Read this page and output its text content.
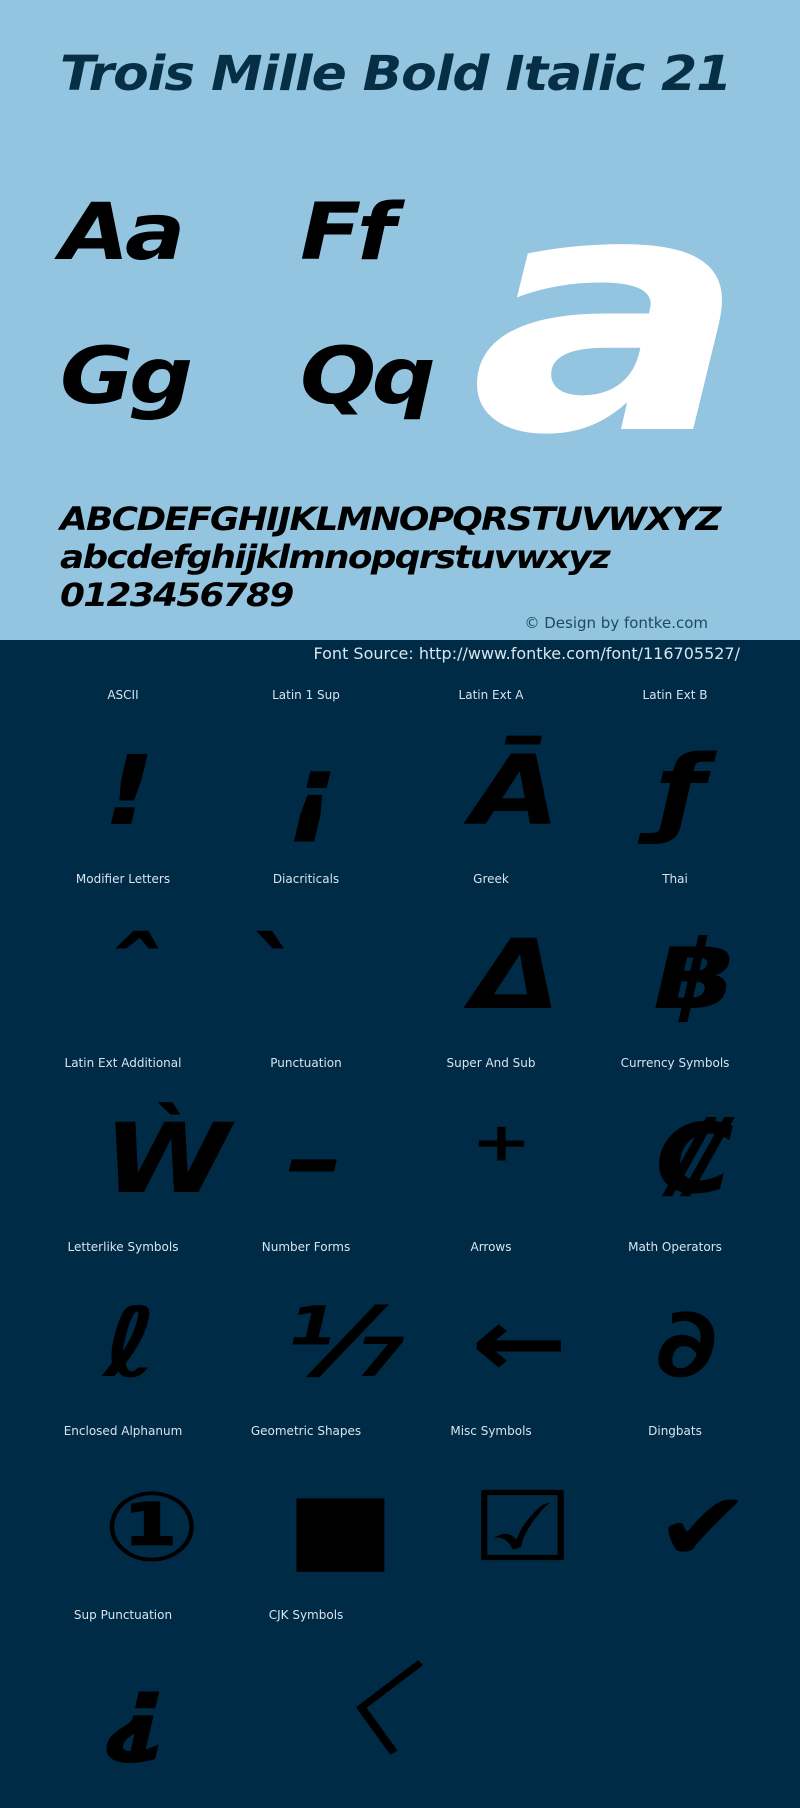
Trois Mille Bold Italic 21
Aa Ff
Gg Qq a
ABCDEFGHIJKLMNOPQRSTUVWXYZ
abcdefghijklmnopqrstuvwxyz
0123456789
© Design by fontke.com
Font Source: http://www.fontke.com/font/116705527/
ASCII
!
Latin 1 Sup
¡
Latin Ext A
Ā
Latin Ext B
ƒ
Modifier Letters
ˆ
Diacriticals	Greek
Δ
Thai
฿
Latin Ext Additional
Ẁ
Punctuation
–
Super And Sub
⁺
Currency Symbols
₡
Letterlike Symbols
ℓ
Number Forms
⅐
Arrows
←
Math Operators
∂
Enclosed Alphanum
①
Geometric Shapes
■
Misc Symbols
☑
Dingbats
✔
Sup Punctuation
⸘
CJK Symbols
〈
